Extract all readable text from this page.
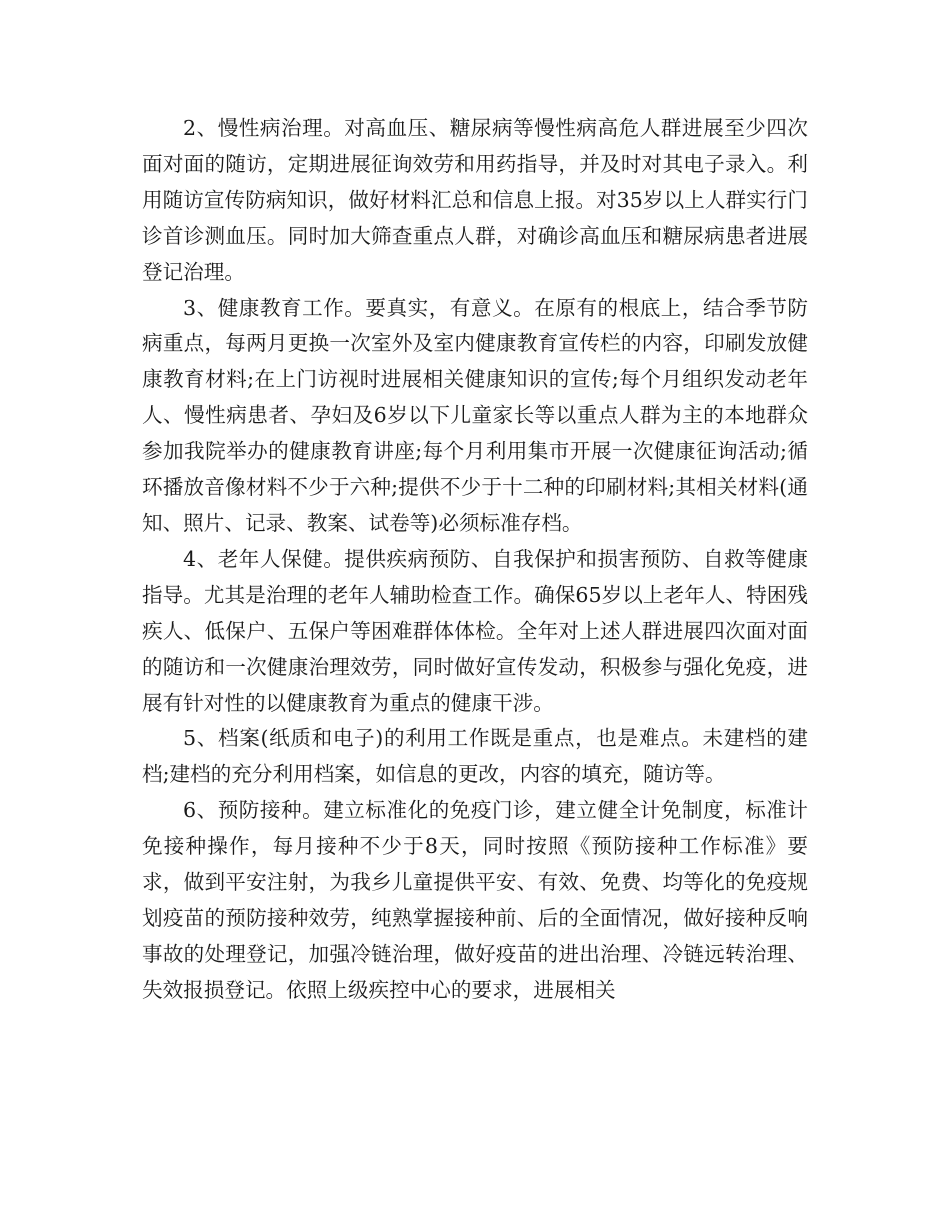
2、慢性病治理。对高血压、糖尿病等慢性病高危人群进展至少四次面对面的随访，定期进展征询效劳和用药指导，并及时对其电子录入。利用随访宣传防病知识，做好材料汇总和信息上报。对35岁以上人群实行门诊首诊测血压。同时加大筛查重点人群，对确诊高血压和糖尿病患者进展登记治理。

3、健康教育工作。要真实，有意义。在原有的根底上，结合季节防病重点，每两月更换一次室外及室内健康教育宣传栏的内容，印刷发放健康教育材料;在上门访视时进展相关健康知识的宣传;每个月组织发动老年人、慢性病患者、孕妇及6岁以下儿童家长等以重点人群为主的本地群众参加我院举办的健康教育讲座;每个月利用集市开展一次健康征询活动;循环播放音像材料不少于六种;提供不少于十二种的印刷材料;其相关材料(通知、照片、记录、教案、试卷等)必须标准存档。

4、老年人保健。提供疾病预防、自我保护和损害预防、自救等健康指导。尤其是治理的老年人辅助检查工作。确保65岁以上老年人、特困残疾人、低保户、五保户等困难群体体检。全年对上述人群进展四次面对面的随访和一次健康治理效劳，同时做好宣传发动，积极参与强化免疫，进展有针对性的以健康教育为重点的健康干涉。

5、档案(纸质和电子)的利用工作既是重点，也是难点。未建档的建档;建档的充分利用档案，如信息的更改，内容的填充，随访等。

6、预防接种。建立标准化的免疫门诊，建立健全计免制度，标准计免接种操作，每月接种不少于8天，同时按照《预防接种工作标准》要求，做到平安注射，为我乡儿童提供平安、有效、免费、均等化的免疫规划疫苗的预防接种效劳，纯熟掌握接种前、后的全面情况，做好接种反响事故的处理登记，加强冷链治理，做好疫苗的进出治理、冷链远转治理、失效报损登记。依照上级疾控中心的要求，进展相关
